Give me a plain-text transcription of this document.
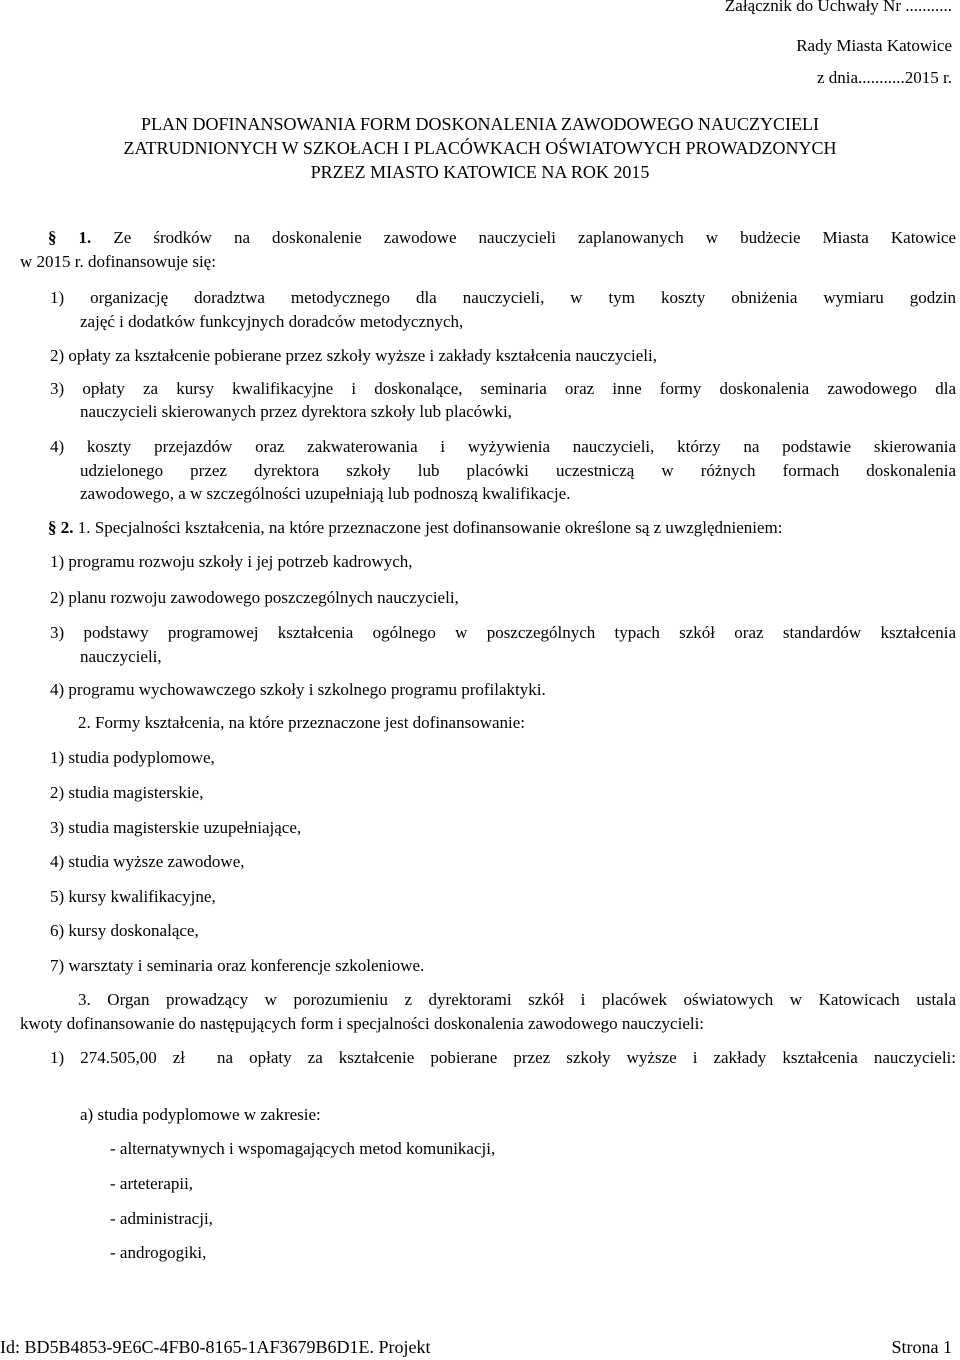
Załącznik do Uchwały Nr ...........
Rady Miasta Katowice
z dnia...........2015 r.
PLAN DOFINANSOWANIA FORM DOSKONALENIA ZAWODOWEGO NAUCZYCIELI
ZATRUDNIONYCH W SZKOŁACH I PLACÓWKACH OŚWIATOWYCH PROWADZONYCH
PRZEZ MIASTO KATOWICE NA ROK 2015
§ 1. Ze środków na doskonalenie zawodowe nauczycieli zaplanowanych w budżecie Miasta Katowice
w 2015 r. dofinansowuje się:
1) organizację doradztwa metodycznego dla nauczycieli, w tym koszty obniżenia wymiaru godzin
zajęć i dodatków funkcyjnych doradców metodycznych,
2) opłaty za kształcenie pobierane przez szkoły wyższe i zakłady kształcenia nauczycieli,
3) opłaty za kursy kwalifikacyjne i doskonalące, seminaria oraz inne formy doskonalenia zawodowego dla
nauczycieli skierowanych przez dyrektora szkoły lub placówki,
4) koszty przejazdów oraz zakwaterowania i wyżywienia nauczycieli, którzy na podstawie skierowania
udzielonego przez dyrektora szkoły lub placówki uczestniczą w różnych formach doskonalenia
zawodowego, a w szczególności uzupełniają lub podnoszą kwalifikacje.
§ 2. 1. Specjalności kształcenia, na które przeznaczone jest dofinansowanie określone są z uwzględnieniem:
1) programu rozwoju szkoły i jej potrzeb kadrowych,
2) planu rozwoju zawodowego poszczególnych nauczycieli,
3) podstawy programowej kształcenia ogólnego w poszczególnych typach szkół oraz standardów kształcenia
nauczycieli,
4) programu wychowawczego szkoły i szkolnego programu profilaktyki.
2. Formy kształcenia, na które przeznaczone jest dofinansowanie:
1) studia podyplomowe,
2) studia magisterskie,
3) studia magisterskie uzupełniające,
4) studia wyższe zawodowe,
5) kursy kwalifikacyjne,
6) kursy doskonalące,
7) warsztaty i seminaria oraz konferencje szkoleniowe.
3. Organ prowadzący w porozumieniu z dyrektorami szkół i placówek oświatowych w Katowicach ustala
kwoty dofinansowanie do następujących form i specjalności doskonalenia zawodowego nauczycieli:
1) 274.505,00 zł  na opłaty za kształcenie pobierane przez szkoły wyższe i zakłady kształcenia nauczycieli:
a) studia podyplomowe w zakresie:
- alternatywnych i wspomagających metod komunikacji,
- arteterapii,
- administracji,
- androgogiki,
Id: BD5B4853-9E6C-4FB0-8165-1AF3679B6D1E. Projekt	Strona 1
